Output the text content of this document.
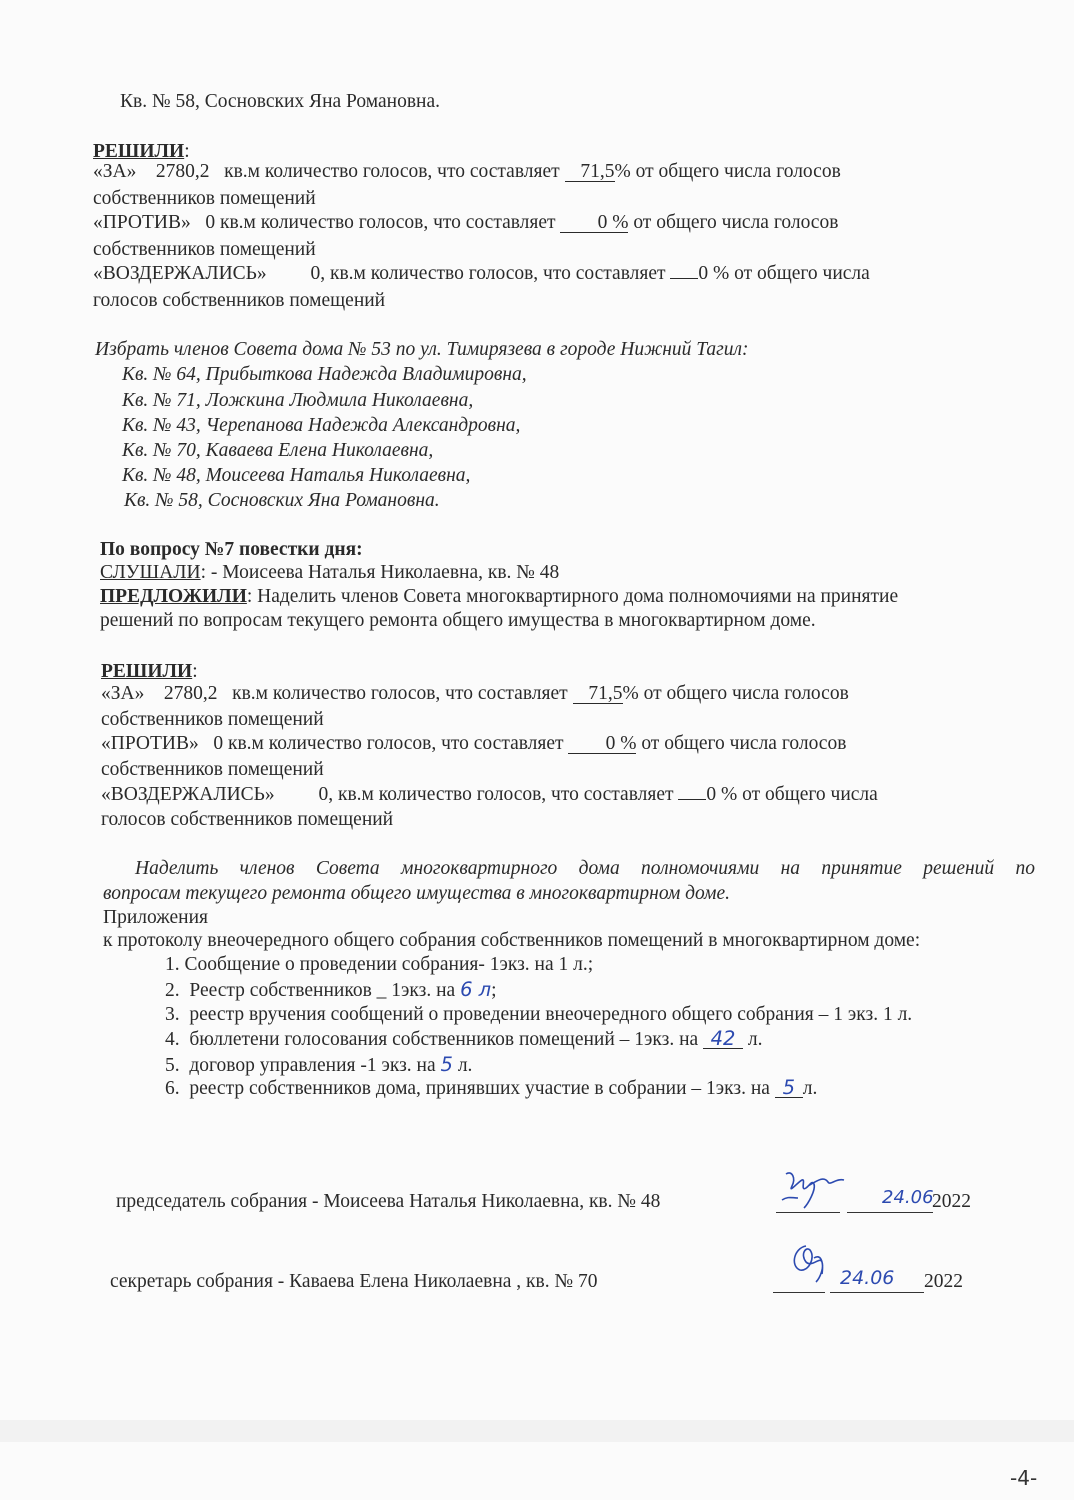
Кв. № 58, Сосновских Яна Романовна.
РЕШИЛИ:
«ЗА» 2780,2 кв.м количество голосов, что составляет 71,5% от общего числа голосов
собственников помещений
«ПРОТИВ» 0 кв.м количество голосов, что составляет 0 % от общего числа голосов
собственников помещений
«ВОЗДЕРЖАЛИСЬ» 0, кв.м количество голосов, что составляет 0 % от общего числа
голосов собственников помещений
Избрать членов Совета дома № 53 по ул. Тимирязева в городе Нижний Тагил:
Кв. № 64, Прибыткова Надежда Владимировна,
Кв. № 71, Ложкина Людмила Николаевна,
Кв. № 43, Черепанова Надежда Александровна,
Кв. № 70, Каваева Елена Николаевна,
Кв. № 48, Моисеева Наталья Николаевна,
Кв. № 58, Сосновских Яна Романовна.
По вопросу №7 повестки дня:
СЛУШАЛИ: - Моисеева Наталья Николаевна, кв. № 48
ПРЕДЛОЖИЛИ: Наделить членов Совета многоквартирного дома полномочиями на принятие
решений по вопросам текущего ремонта общего имущества в многоквартирном доме.
РЕШИЛИ:
«ЗА» 2780,2 кв.м количество голосов, что составляет 71,5% от общего числа голосов
собственников помещений
«ПРОТИВ» 0 кв.м количество голосов, что составляет 0 % от общего числа голосов
собственников помещений
«ВОЗДЕРЖАЛИСЬ» 0, кв.м количество голосов, что составляет 0 % от общего числа
голосов собственников помещений
Наделить членов Совета многоквартирного дома полномочиями на принятие решений по
вопросам текущего ремонта общего имущества в многоквартирном доме.
Приложения
к протоколу внеочередного общего собрания собственников помещений в многоквартирном доме:
1. Сообщение о проведении собрания- 1экз. на 1 л.;
2. Реестр собственников _ 1экз. на 6 л;
3.  реестр вручения сообщений о проведении внеочередного общего собрания – 1 экз. 1 л.
4. бюллетени голосования собственников помещений – 1экз. на 42 л.
5. договор управления -1 экз. на 5 л.
6.  реестр собственников дома, принявших участие в собрании – 1экз. на 5 л.
председатель собрания - Моисеева Наталья Николаевна, кв. № 48	24.06
2022
секретарь собрания - Каваева Елена Николаевна , кв. № 70	24.06 2022
-4-
